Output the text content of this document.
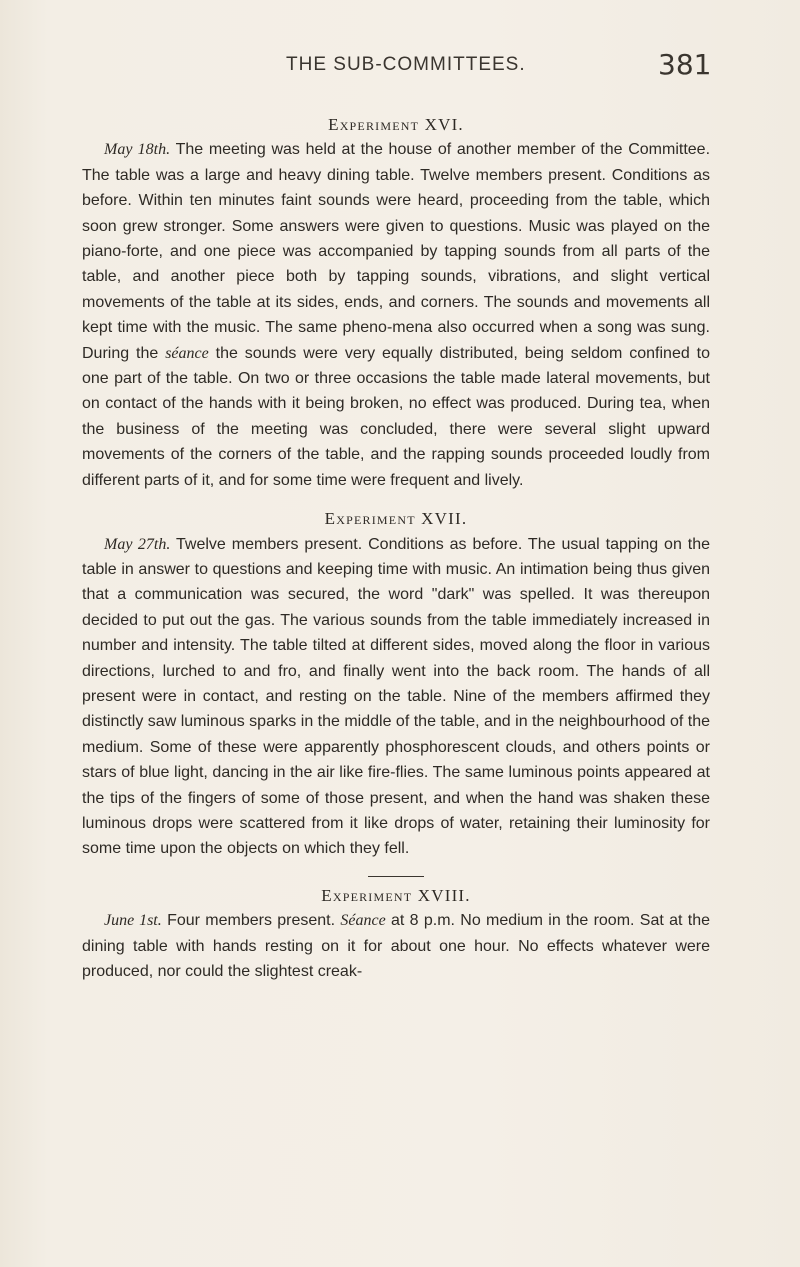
THE SUB-COMMITTEES.	381
Experiment XVI.

May 18th. The meeting was held at the house of another member of the Committee. The table was a large and heavy dining table. Twelve members present. Conditions as before. Within ten minutes faint sounds were heard, proceeding from the table, which soon grew stronger. Some answers were given to questions. Music was played on the piano-forte, and one piece was accompanied by tapping sounds from all parts of the table, and another piece both by tapping sounds, vibrations, and slight vertical movements of the table at its sides, ends, and corners. The sounds and movements all kept time with the music. The same pheno-mena also occurred when a song was sung. During the séance the sounds were very equally distributed, being seldom confined to one part of the table. On two or three occasions the table made lateral movements, but on contact of the hands with it being broken, no effect was produced. During tea, when the business of the meeting was concluded, there were several slight upward movements of the corners of the table, and the rapping sounds proceeded loudly from different parts of it, and for some time were frequent and lively.

Experiment XVII.

May 27th. Twelve members present. Conditions as before. The usual tapping on the table in answer to questions and keeping time with music. An intimation being thus given that a communication was secured, the word "dark" was spelled. It was thereupon decided to put out the gas. The various sounds from the table immediately increased in number and intensity. The table tilted at different sides, moved along the floor in various directions, lurched to and fro, and finally went into the back room. The hands of all present were in contact, and resting on the table. Nine of the members affirmed they distinctly saw luminous sparks in the middle of the table, and in the neighbourhood of the medium. Some of these were apparently phosphorescent clouds, and others points or stars of blue light, dancing in the air like fire-flies. The same luminous points appeared at the tips of the fingers of some of those present, and when the hand was shaken these luminous drops were scattered from it like drops of water, retaining their luminosity for some time upon the objects on which they fell.

Experiment XVIII.

June 1st. Four members present. Séance at 8 p.m. No medium in the room. Sat at the dining table with hands resting on it for about one hour. No effects whatever were produced, nor could the slightest creak-
